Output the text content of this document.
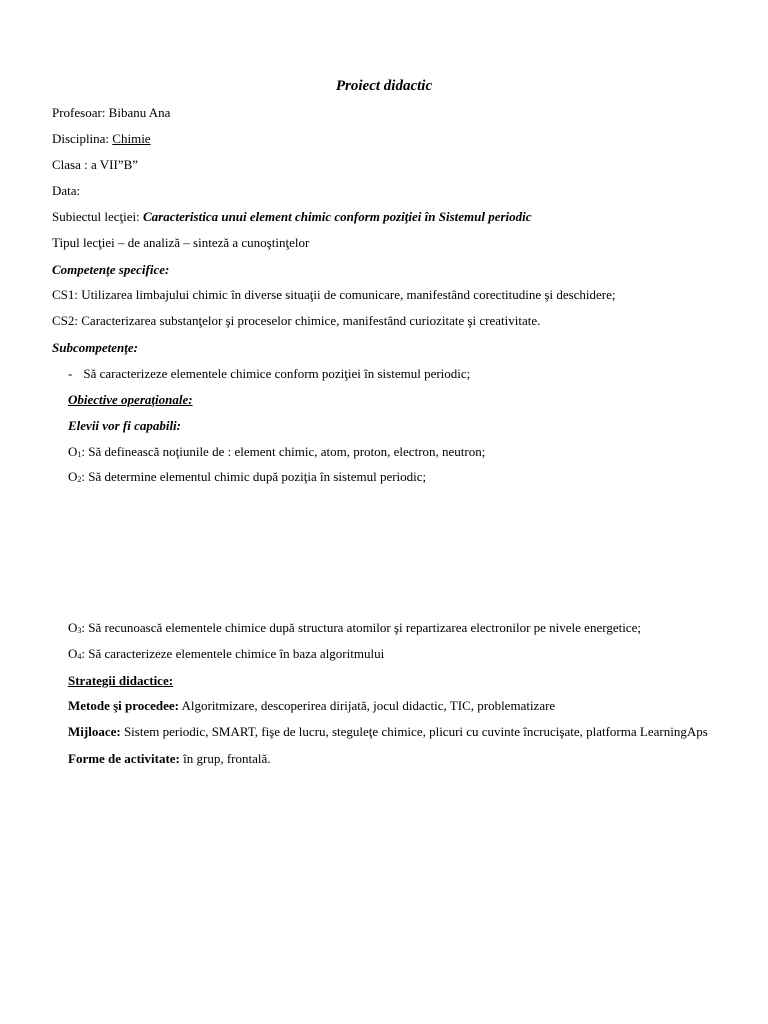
Proiect didactic
Profesoar: Bibanu Ana
Disciplina: Chimie
Clasa : a VII”B”
Data:
Subiectul lecţiei: Caracteristica unui element chimic conform poziţiei în Sistemul periodic
Tipul lecţiei – de analiză – sinteză a cunoştinţelor
Competenţe specifice:
CS1: Utilizarea limbajului chimic în diverse situaţii de comunicare, manifestând corectitudine şi deschidere;
CS2: Caracterizarea substanţelor şi proceselor chimice, manifestând curiozitate şi creativitate.
Subcompetenţe:
- Să caracterizeze elementele chimice conform poziţiei în sistemul periodic;
Obiective operaţionale:
Elevii vor fi capabili:
$O_1$: Să definească noţiunile de : element chimic, atom, proton, electron, neutron;
$O_2$: Să determine elementul chimic după poziţia în sistemul periodic;
$O_3$: Să recunoască elementele chimice după structura atomilor şi repartizarea electronilor pe nivele energetice;
$O_4$: Să caracterizeze elementele chimice în baza algoritmului
Strategii didactice:
Metode şi procedee: Algoritmizare, descoperirea dirijată, jocul didactic, TIC, problematizare
Mijloace: Sistem periodic, SMART, fişe de lucru, steguleţe chimice, plicuri cu cuvinte încrucişate, platforma LearningAps
Forme de activitate: în grup, frontală.
